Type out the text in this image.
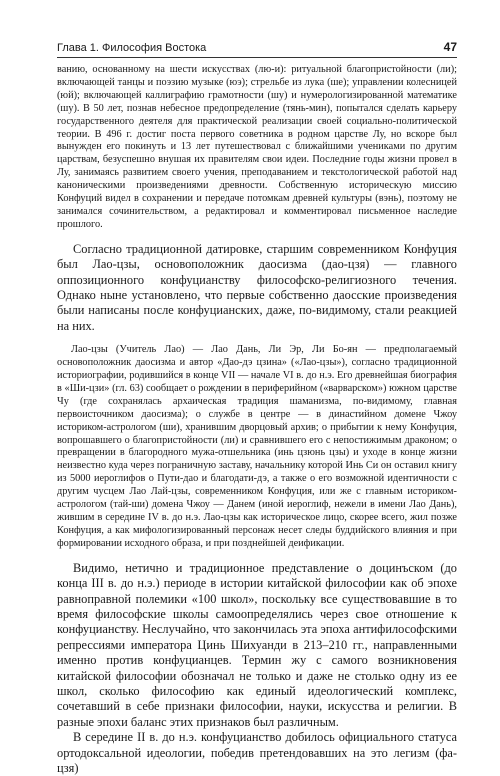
Глава 1. Философия Востока	47

ванию, основанному на шести искусствах (лю-и): ритуальной благопристойности (ли); включающей танцы и поэзию музыке (юэ); стрельбе из лука (ше); управлении колесницей (юй); включающей каллиграфию грамотности (шу) и нумерологизированной математике (шу). В 50 лет, познав небесное предопределение (тянь-мин), попытался сделать карьеру государственного деятеля для практической реализации своей социально-политической теории. В 496 г. достиг поста первого советника в родном царстве Лу, но вскоре был вынужден его покинуть и 13 лет путешествовал с ближайшими учениками по другим царствам, безуспешно внушая их правителям свои идеи. Последние годы жизни провел в Лу, занимаясь развитием своего учения, преподаванием и текстологической работой над каноническими произведениями древности. Собственную историческую миссию Конфуций видел в сохранении и передаче потомкам древней культуры (вэнь), поэтому не занимался сочинительством, а редактировал и комментировал письменное наследие прошлого.

Согласно традиционной датировке, старшим современником Конфуция был Лао-цзы, основоположник даосизма (дао-цзя) — главного оппозиционного конфуцианству философско-религиозного течения. Однако ныне установлено, что первые собственно даосские произведения были написаны после конфуцианских, даже, по-видимому, стали реакцией на них.

Лао-цзы (Учитель Лао) — Лао Дань, Ли Эр, Ли Бо-ян — предполагаемый основоположник даосизма и автор «Дао-дэ цзина» («Лао-цзы»), согласно традиционной историографии, родившийся в конце VII — начале VI в. до н.э. Его древнейшая биография в «Ши-цзи» (гл. 63) сообщает о рождении в периферийном («варварском») южном царстве Чу (где сохранялась архаическая традиция шаманизма, по-видимому, главная первоисточником даосизма); о службе в центре — в династийном домене Чжоу историком-астрологом (ши), хранившим дворцовый архив; о прибытии к нему Конфуция, вопрошавшего о благопристойности (ли) и сравнившего его с непостижимым драконом; о превращении в благородного мужа-отшельника (инь цзюнь цзы) и уходе в конце жизни неизвестно куда через пограничную заставу, начальнику которой Инь Си он оставил книгу из 5000 иероглифов о Пути-дао и благодати-дэ, а также о его возможной идентичности с другим чусцем Лао Лай-цзы, современником Конфуция, или же с главным историком-астрологом (тай-ши) домена Чжоу — Данем (иной иероглиф, нежели в имени Лао Дань), жившим в середине IV в. до н.э. Лао-цзы как историческое лицо, скорее всего, жил позже Конфуция, а как мифологизированный персонаж несет следы буддийского влияния и при формировании исходного образа, и при позднейшей деификации.

Видимо, нетично и традиционное представление о доцинъском (до конца III в. до н.э.) периоде в истории китайской философии как об эпохе равноправной полемики «100 школ», поскольку все существовавшие в то время философские школы самоопределялись через свое отношение к конфуцианству. Неслучайно, что закончилась эта эпоха антифилософскими репрессиями императора Цинь Шихуанди в 213–210 гг., направленными именно против конфуцианцев. Термин жу с самого возникновения китайской философии обозначал не только и даже не столько одну из ее школ, сколько философию как единый идеологический комплекс, сочетавший в себе признаки философии, науки, искусства и религии. В разные эпохи баланс этих признаков был различным.

В середине II в. до н.э. конфуцианство добилось официального статуса ортодоксальной идеологии, победив претендовавших на это легизм (фа-цзя)
